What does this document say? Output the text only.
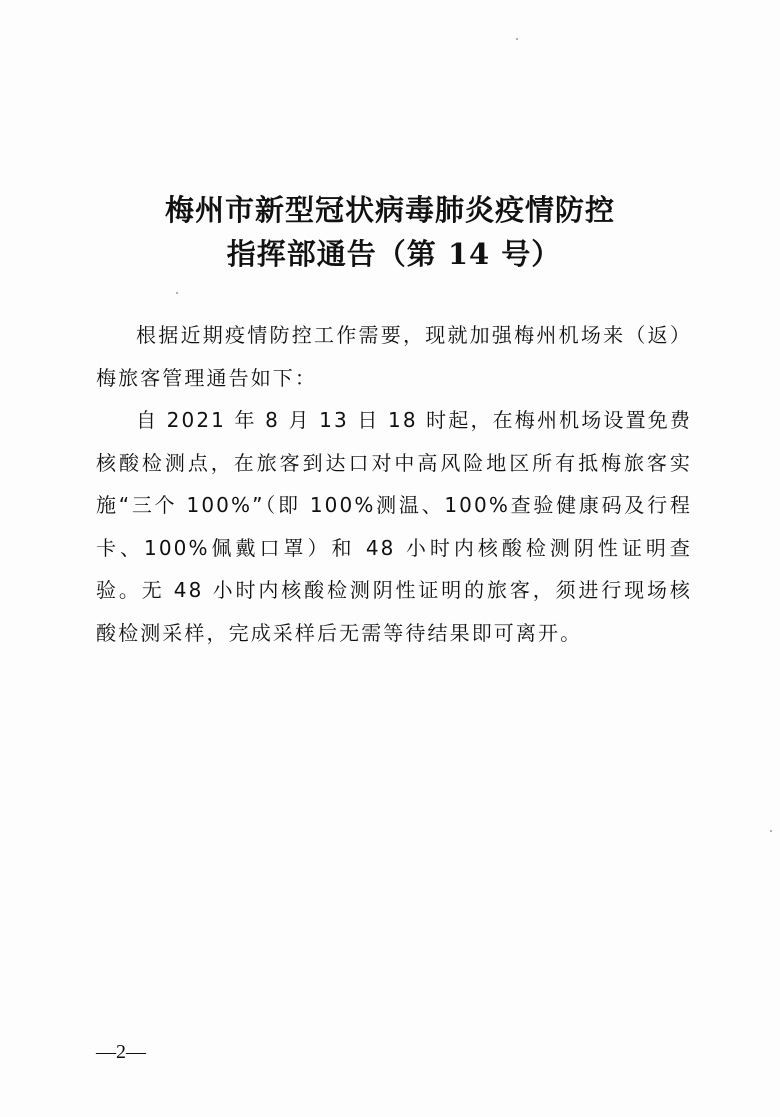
梅州市新型冠状病毒肺炎疫情防控
指挥部通告（第 14 号）

根据近期疫情防控工作需要，现就加强梅州机场来（返）梅旅客管理通告如下：

自 2021 年 8 月 13 日 18 时起，在梅州机场设置免费核酸检测点，在旅客到达口对中高风险地区所有抵梅旅客实施“三个 100%”（即 100%测温、100%查验健康码及行程卡、100%佩戴口罩）和 48 小时内核酸检测阴性证明查验。无 48 小时内核酸检测阴性证明的旅客，须进行现场核酸检测采样，完成采样后无需等待结果即可离开。

—2—
